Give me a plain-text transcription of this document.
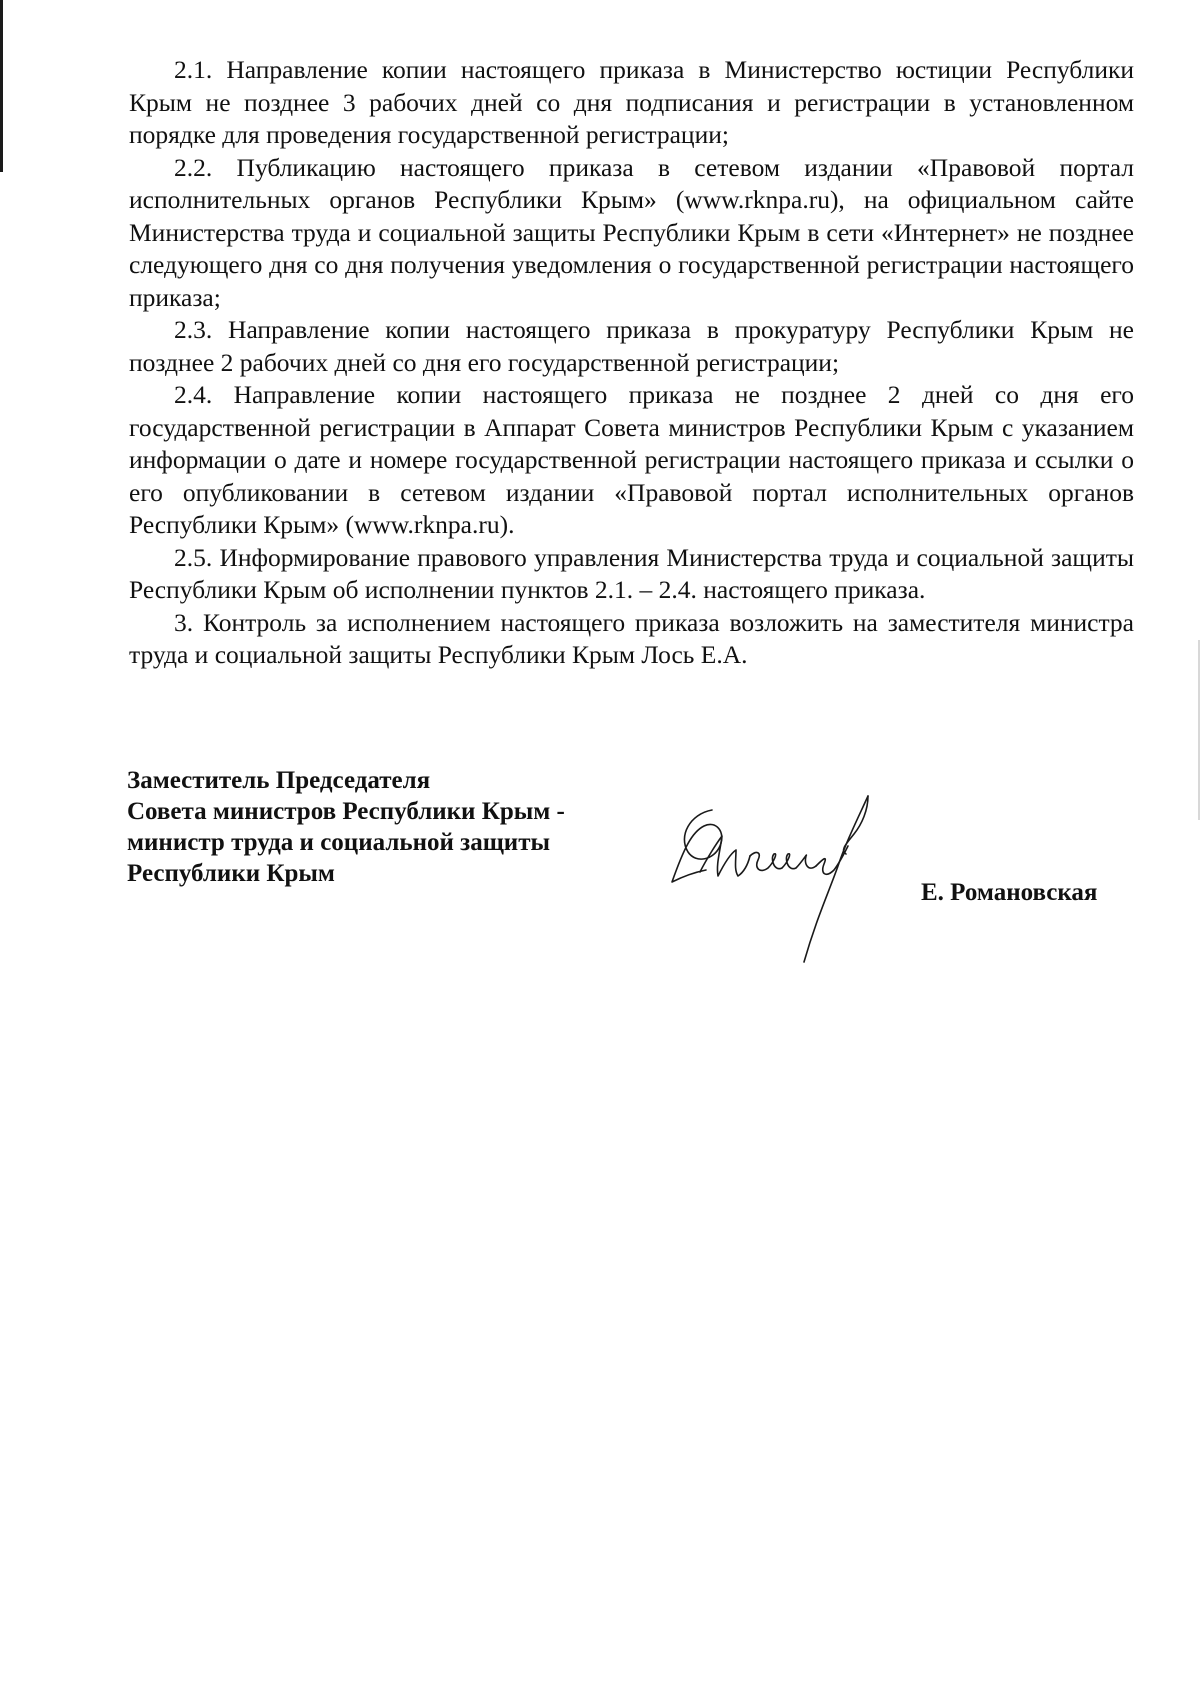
2.1. Направление копии настоящего приказа в Министерство юстиции Республики Крым не позднее 3 рабочих дней со дня подписания и регистрации в установленном порядке для проведения государственной регистрации;

2.2. Публикацию настоящего приказа в сетевом издании «Правовой портал исполнительных органов Республики Крым» (www.rknpa.ru), на официальном сайте Министерства труда и социальной защиты Республики Крым в сети «Интернет» не позднее следующего дня со дня получения уведомления о государственной регистрации настоящего приказа;

2.3. Направление копии настоящего приказа в прокуратуру Республики Крым не позднее 2 рабочих дней со дня его государственной регистрации;

2.4. Направление копии настоящего приказа не позднее 2 дней со дня его государственной регистрации в Аппарат Совета министров Республики Крым с указанием информации о дате и номере государственной регистрации настоящего приказа и ссылки о его опубликовании в сетевом издании «Правовой портал исполнительных органов Республики Крым» (www.rknpa.ru).

2.5. Информирование правового управления Министерства труда и социальной защиты Республики Крым об исполнении пунктов 2.1. – 2.4. настоящего приказа.

3. Контроль за исполнением настоящего приказа возложить на заместителя министра труда и социальной защиты Республики Крым Лось Е.А.

Заместитель Председателя
Совета министров Республики Крым -
министр труда и социальной защиты
Республики Крым
Е. Романовская
